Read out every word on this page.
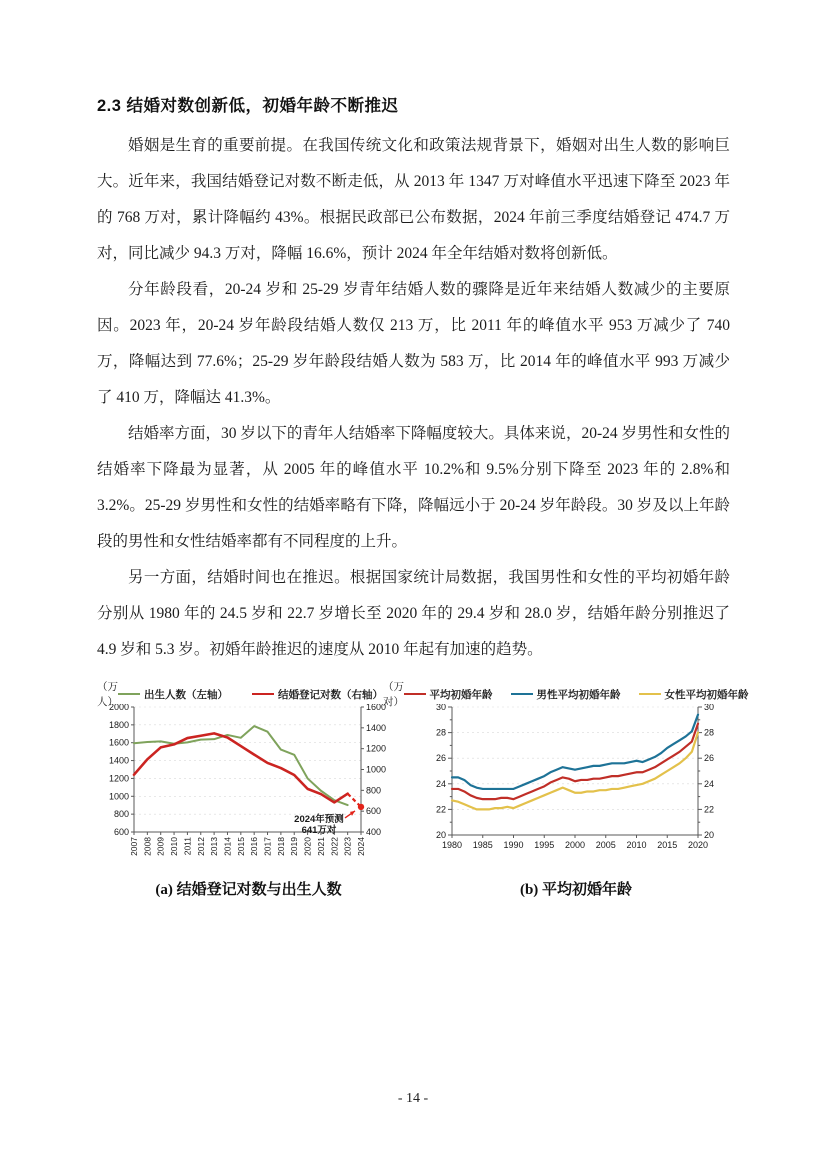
2.3 结婚对数创新低，初婚年龄不断推迟

婚姻是生育的重要前提。在我国传统文化和政策法规背景下，婚姻对出生人数的影响巨大。近年来，我国结婚登记对数不断走低，从 2013 年 1347 万对峰值水平迅速下降至 2023 年的 768 万对，累计降幅约 43%。根据民政部已公布数据，2024 年前三季度结婚登记 474.7 万对，同比减少 94.3 万对，降幅 16.6%，预计 2024 年全年结婚对数将创新低。

分年龄段看，20-24 岁和 25-29 岁青年结婚人数的骤降是近年来结婚人数减少的主要原因。2023 年，20-24 岁年龄段结婚人数仅 213 万，比 2011 年的峰值水平 953 万减少了 740 万，降幅达到 77.6%；25-29 岁年龄段结婚人数为 583 万，比 2014 年的峰值水平 993 万减少了 410 万，降幅达 41.3%。

结婚率方面，30 岁以下的青年人结婚率下降幅度较大。具体来说，20-24 岁男性和女性的结婚率下降最为显著，从 2005 年的峰值水平 10.2%和 9.5%分别下降至 2023 年的 2.8%和 3.2%。25-29 岁男性和女性的结婚率略有下降，降幅远小于 20-24 岁年龄段。30 岁及以上年龄段的男性和女性结婚率都有不同程度的上升。

另一方面，结婚时间也在推迟。根据国家统计局数据，我国男性和女性的平均初婚年龄分别从 1980 年的 24.5 岁和 22.7 岁增长至 2020 年的 29.4 岁和 28.0 岁，结婚年龄分别推迟了 4.9 岁和 5.3 岁。初婚年龄推迟的速度从 2010 年起有加速的趋势。

（万人）
出生人数（左轴）	结婚登记对数（右轴）
（万对）
600
800
1000
1200
1400
1600
1800
2000
400
600
800
1000
1200
1400
1600
2007 2008 2009 2010 2011 2012 2013 2014 2015 2016 2017 2018 2019 2020 2021 2022 2023 2024
2024年预测
641万对
(a) 结婚登记对数与出生人数
平均初婚年龄	男性平均初婚年龄	女性平均初婚年龄
20	20
22	22
24	24
26	26
28	28
30	30
1980 1985 1990 1995 2000 2005 2010 2015 2020
(b) 平均初婚年龄
- 14 -
